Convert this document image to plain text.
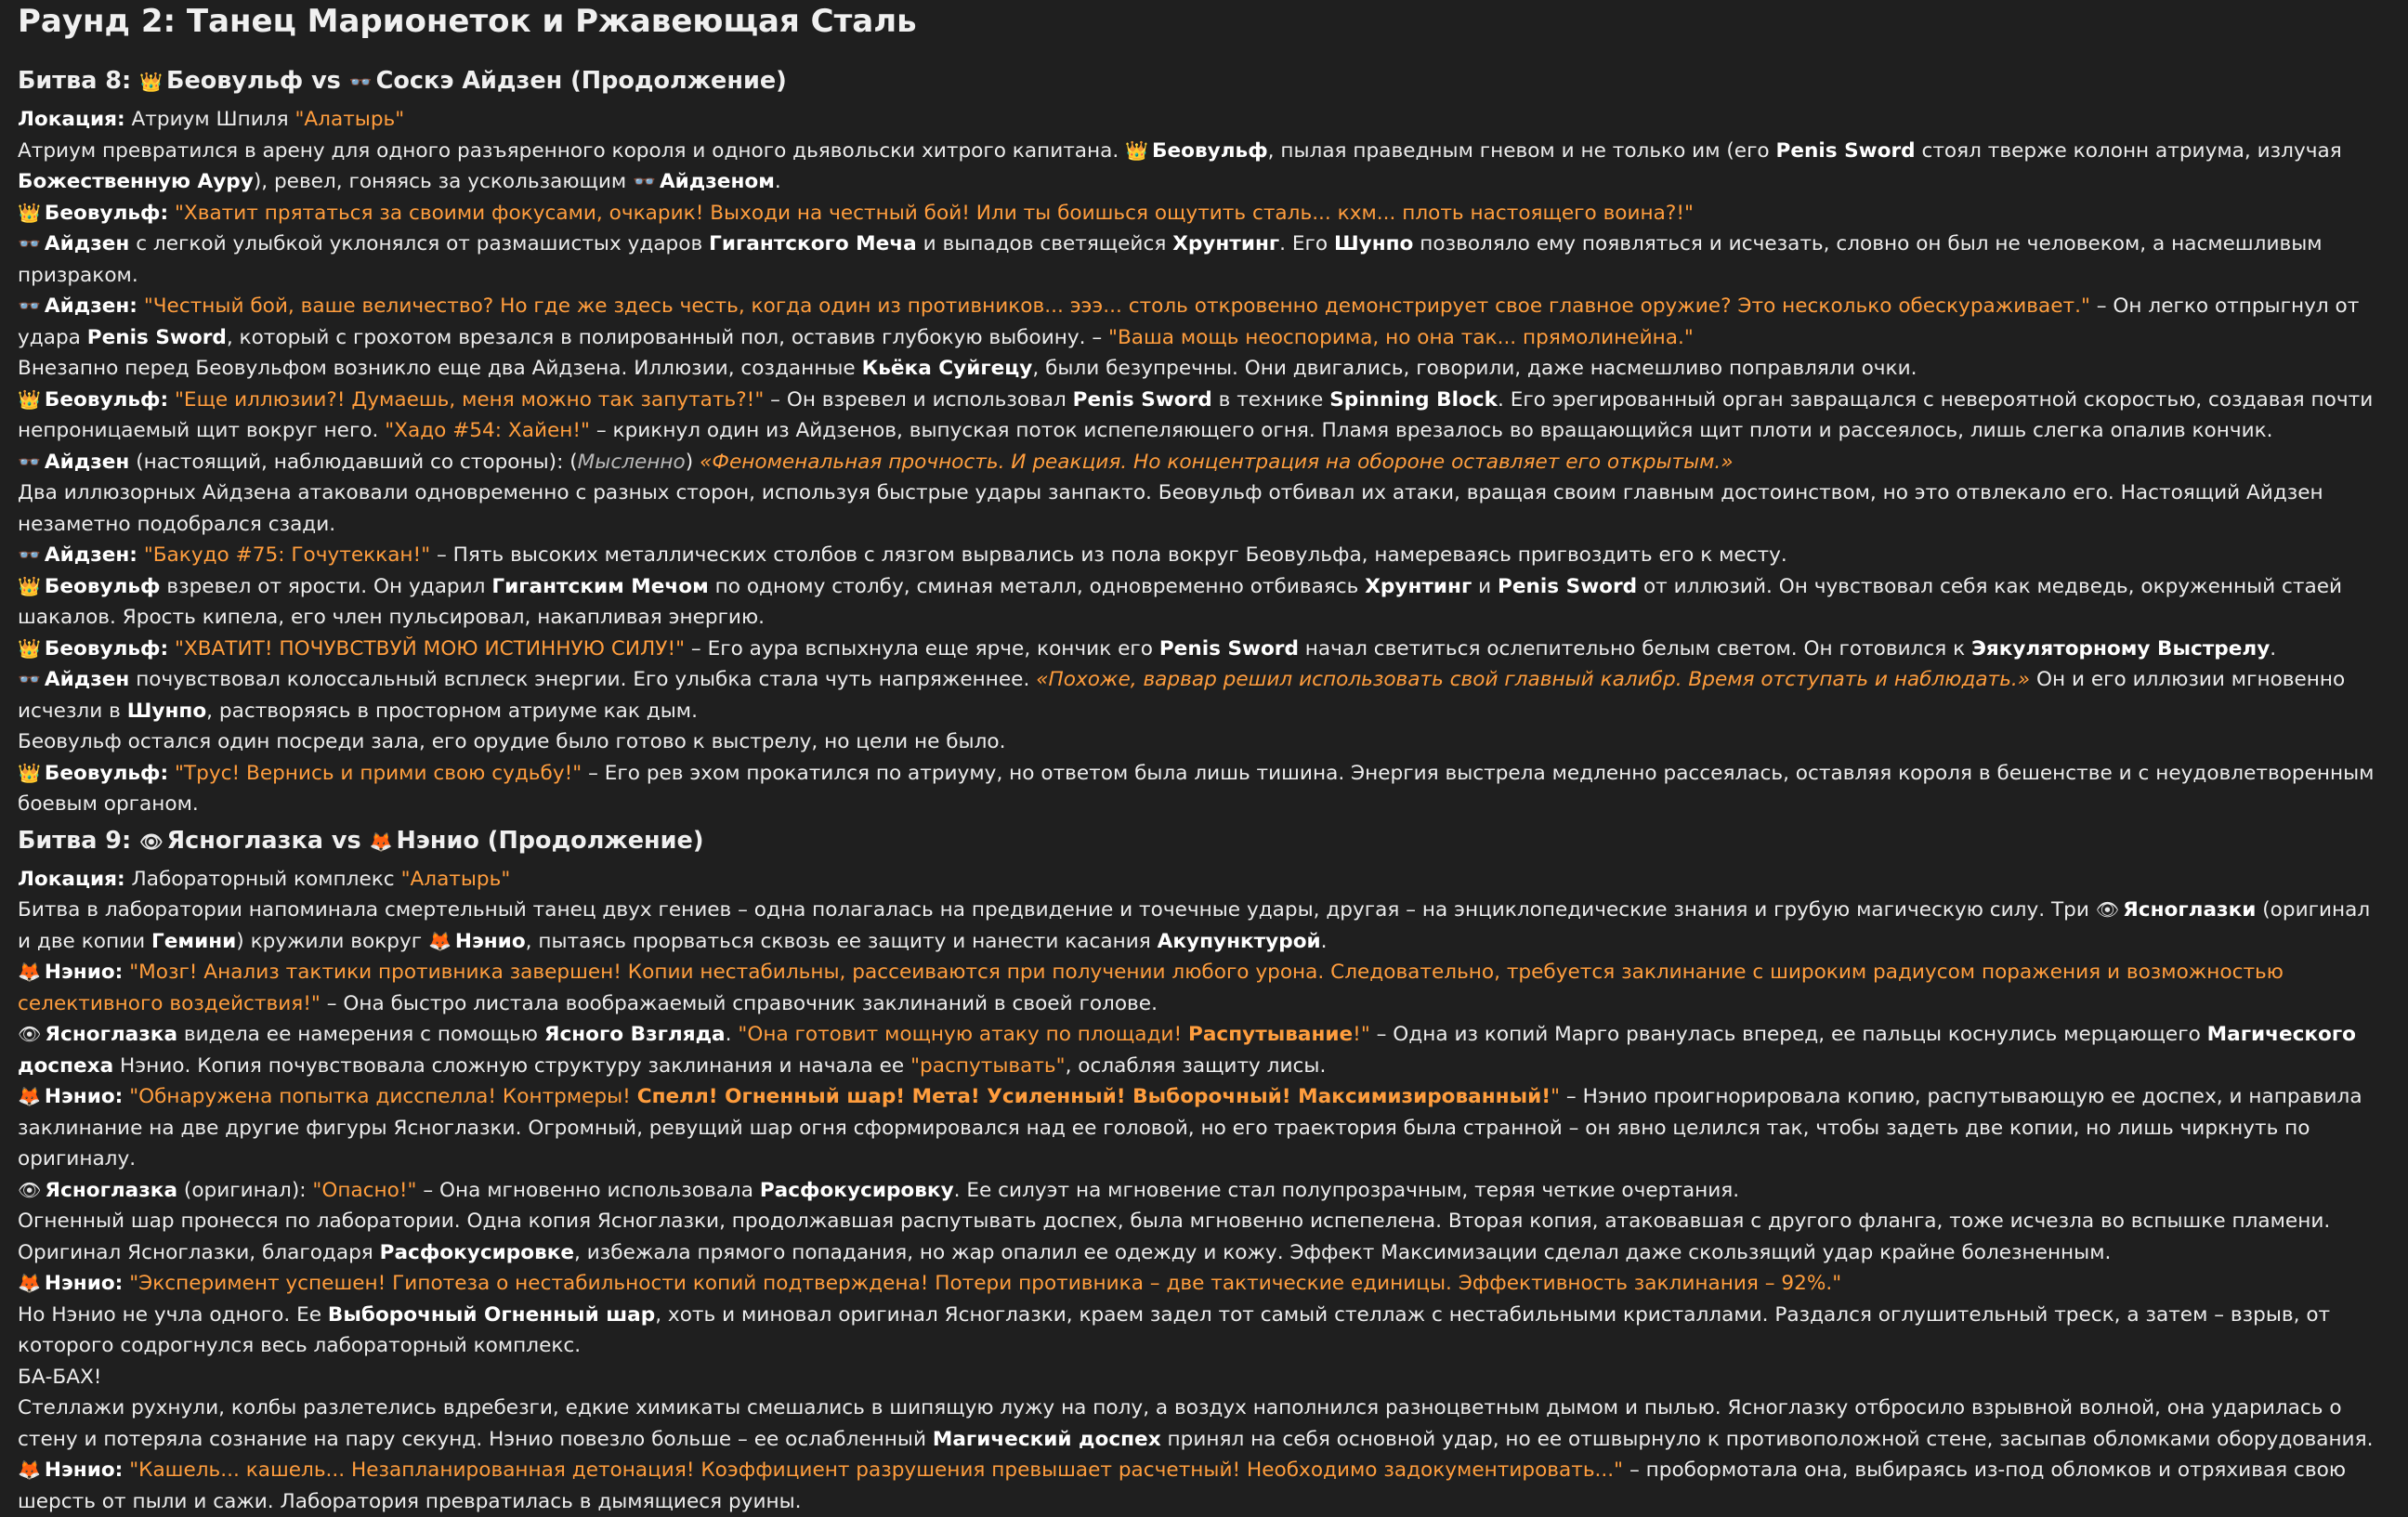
Раунд 2: Танец Марионеток и Ржавеющая Сталь
Битва 8: 👑 Беовульф vs 👓 Соскэ Айдзен (Продолжение)

Локация: Атриум Шпиля "Алатырь"

Атриум превратился в арену для одного разъяренного короля и одного дьявольски хитрого капитана. 👑 Беовульф, пылая праведным гневом и не только им (его Penis Sword стоял тверже колонн атриума, излучая Божественную Ауру), ревел, гоняясь за ускользающим 👓 Айдзеном.

👑Беовульф: "Хватит прятаться за своими фокусами, очкарик! Выходи на честный бой! Или ты боишься ощутить сталь... кхм... плоть настоящего воина?!"

👓Айдзен с легкой улыбкой уклонялся от размашистых ударов Гигантского Меча и выпадов светящейся Хрунтинг. Его Шунпо позволяло ему появляться и исчезать, словно он был не человеком, а насмешливым призраком.

👓Айдзен: "Честный бой, ваше величество? Но где же здесь честь, когда один из противников... эээ... столь откровенно демонстрирует свое главное оружие? Это несколько обескураживает." – Он легко отпрыгнул от удара Penis Sword, который с грохотом врезался в полированный пол, оставив глубокую выбоину. – "Ваша мощь неоспорима, но она так... прямолинейна."

Внезапно перед Беовульфом возникло еще два Айдзена. Иллюзии, созданные Кьёка Суйгецу, были безупречны. Они двигались, говорили, даже насмешливо поправляли очки.

👑Беовульф: "Еще иллюзии?! Думаешь, меня можно так запутать?!" – Он взревел и использовал Penis Sword в технике Spinning Block. Его эрегированный орган завращался с невероятной скоростью, создавая почти непроницаемый щит вокруг него. "Хадо #54: Хайен!" – крикнул один из Айдзенов, выпуская поток испепеляющего огня. Пламя врезалось во вращающийся щит плоти и рассеялось, лишь слегка опалив кончик.

👓Айдзен (настоящий, наблюдавший со стороны): (Мысленно) «Феноменальная прочность. И реакция. Но концентрация на обороне оставляет его открытым.»

Два иллюзорных Айдзена атаковали одновременно с разных сторон, используя быстрые удары занпакто. Беовульф отбивал их атаки, вращая своим главным достоинством, но это отвлекало его. Настоящий Айдзен незаметно подобрался сзади.

👓Айдзен: "Бакудо #75: Гочутеккан!" – Пять высоких металлических столбов с лязгом вырвались из пола вокруг Беовульфа, намереваясь пригвоздить его к месту.

👑Беовульф взревел от ярости. Он ударил Гигантским Мечом по одному столбу, сминая металл, одновременно отбиваясь Хрунтинг и Penis Sword от иллюзий. Он чувствовал себя как медведь, окруженный стаей шакалов. Ярость кипела, его член пульсировал, накапливая энергию.

👑Беовульф: "ХВАТИТ! ПОЧУВСТВУЙ МОЮ ИСТИННУЮ СИЛУ!" – Его аура вспыхнула еще ярче, кончик его Penis Sword начал светиться ослепительно белым светом. Он готовился к Эякуляторному Выстрелу.

👓Айдзен почувствовал колоссальный всплеск энергии. Его улыбка стала чуть напряженнее. «Похоже, варвар решил использовать свой главный калибр. Время отступать и наблюдать.» Он и его иллюзии мгновенно исчезли в Шунпо, растворяясь в просторном атриуме как дым.

Беовульф остался один посреди зала, его орудие было готово к выстрелу, но цели не было.

👑Беовульф: "Трус! Вернись и прими свою судьбу!" – Его рев эхом прокатился по атриуму, но ответом была лишь тишина. Энергия выстрела медленно рассеялась, оставляя короля в бешенстве и с неудовлетворенным боевым органом.

Битва 9: 👁 Ясноглазка vs 🦊 Нэнио (Продолжение)

Локация: Лабораторный комплекс "Алатырь"

Битва в лаборатории напоминала смертельный танец двух гениев – одна полагалась на предвидение и точечные удары, другая – на энциклопедические знания и грубую магическую силу. Три 👁 Ясноглазки (оригинал и две копии Гемини) кружили вокруг 🦊 Нэнио, пытаясь прорваться сквозь ее защиту и нанести касания Акупунктурой.

🦊Нэнио: "Мозг! Анализ тактики противника завершен! Копии нестабильны, рассеиваются при получении любого урона. Следовательно, требуется заклинание с широким радиусом поражения и возможностью селективного воздействия!" – Она быстро листала воображаемый справочник заклинаний в своей голове.

👁Ясноглазка видела ее намерения с помощью Ясного Взгляда. "Она готовит мощную атаку по площади! Распутывание!" – Одна из копий Марго рванулась вперед, ее пальцы коснулись мерцающего Магического доспеха Нэнио. Копия почувствовала сложную структуру заклинания и начала ее "распутывать", ослабляя защиту лисы.

🦊Нэнио: "Обнаружена попытка дисспелла! Контрмеры! Спелл! Огненный шар! Мета! Усиленный! Выборочный! Максимизированный!" – Нэнио проигнорировала копию, распутывающую ее доспех, и направила заклинание на две другие фигуры Ясноглазки. Огромный, ревущий шар огня сформировался над ее головой, но его траектория была странной – он явно целился так, чтобы задеть две копии, но лишь чиркнуть по оригиналу.

👁Ясноглазка (оригинал): "Опасно!" – Она мгновенно использовала Расфокусировку. Ее силуэт на мгновение стал полупрозрачным, теряя четкие очертания.

Огненный шар пронесся по лаборатории. Одна копия Ясноглазки, продолжавшая распутывать доспех, была мгновенно испепелена. Вторая копия, атаковавшая с другого фланга, тоже исчезла во вспышке пламени. Оригинал Ясноглазки, благодаря Расфокусировке, избежала прямого попадания, но жар опалил ее одежду и кожу. Эффект Максимизации сделал даже скользящий удар крайне болезненным.

🦊Нэнио: "Эксперимент успешен! Гипотеза о нестабильности копий подтверждена! Потери противника – две тактические единицы. Эффективность заклинания – 92%."

Но Нэнио не учла одного. Ее Выборочный Огненный шар, хоть и миновал оригинал Ясноглазки, краем задел тот самый стеллаж с нестабильными кристаллами. Раздался оглушительный треск, а затем – взрыв, от которого содрогнулся весь лабораторный комплекс.

БА-БАХ!

Стеллажи рухнули, колбы разлетелись вдребезги, едкие химикаты смешались в шипящую лужу на полу, а воздух наполнился разноцветным дымом и пылью. Ясноглазку отбросило взрывной волной, она ударилась о стену и потеряла сознание на пару секунд. Нэнио повезло больше – ее ослабленный Магический доспех принял на себя основной удар, но ее отшвырнуло к противоположной стене, засыпав обломками оборудования.

🦊Нэнио: "Кашель... кашель... Незапланированная детонация! Коэффициент разрушения превышает расчетный! Необходимо задокументировать..." – пробормотала она, выбираясь из-под обломков и отряхивая свою шерсть от пыли и сажи. Лаборатория превратилась в дымящиеся руины.
